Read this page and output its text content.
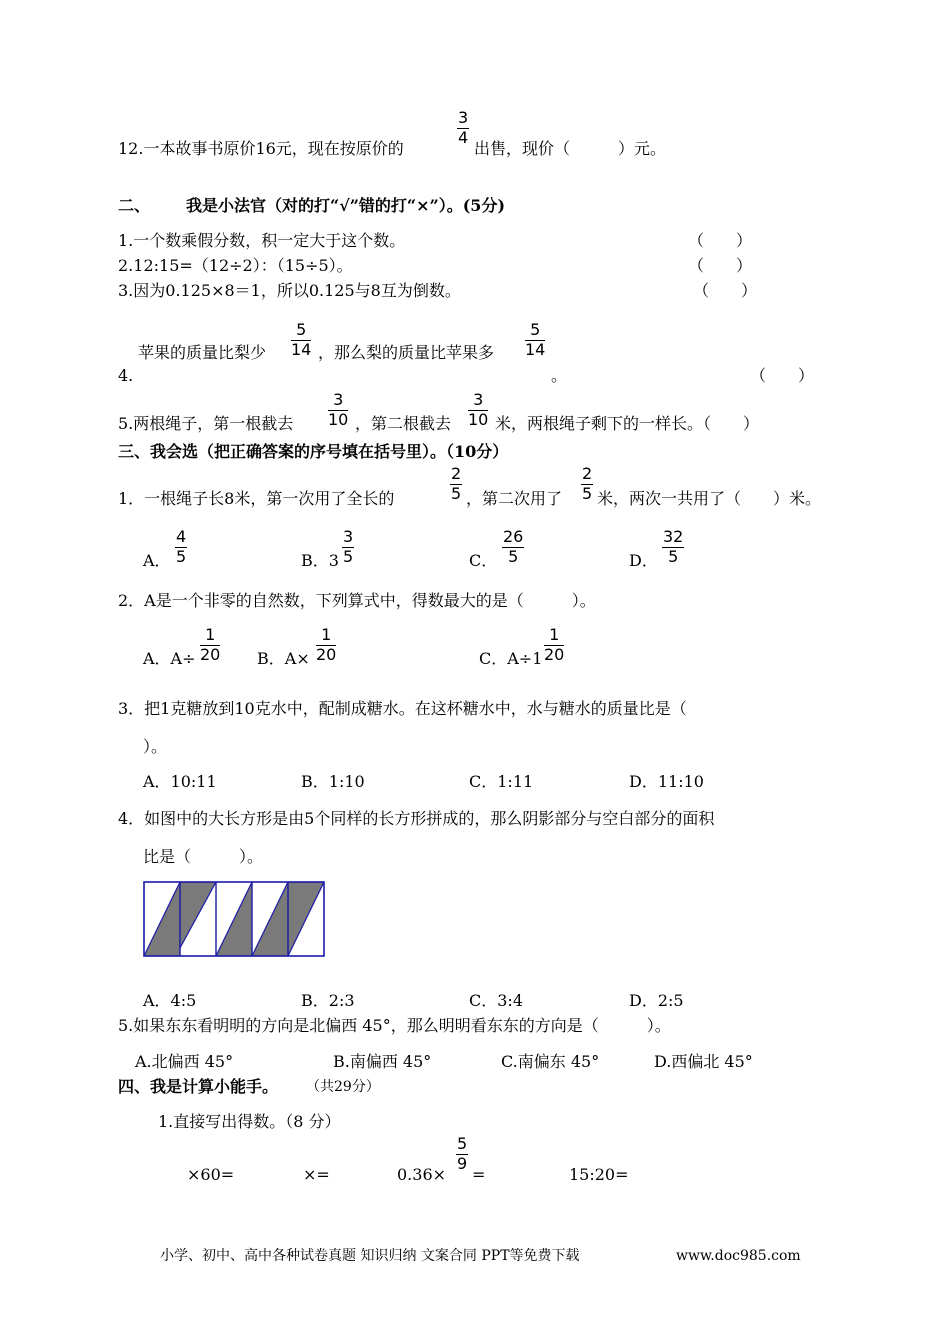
12.一本故事书原价16元，现在按原价的
$\frac{3}{4}$
出售，现价（　　　）元。
二、 我是小法官（对的打“√”错的打“×”）。(5分)
1.一个数乘假分数，积一定大于这个数。	（　　）
2.12:15=（12÷2）：（15÷5）。	（　　）
3.因为0.125×8＝1，所以0.125与8互为倒数。	（　　）
苹果的质量比梨少 $\frac{5}{14}$ ，那么梨的质量比苹果多 $\frac{5}{14}$
4.	。	（　　）
5.两根绳子，第一根截去 $\frac{3}{10}$ ，第二根截去 $\frac{3}{10}$ 米，两根绳子剩下的一样长。（　　）
三、我会选（把正确答案的序号填在括号里）。（10分）
1．一根绳子长8米，第一次用了全长的	$\frac{2}{5}$ ，第二次用了 $\frac{2}{5}$ 米，两次一共用了（　　）米。
A． $\frac{4}{5}$	B．$3 \frac{3}{5}$	C． $\frac{26}{5}$	D． $\frac{32}{5}$
2．A是一个非零的自然数，下列算式中，得数最大的是（　　　）。
A．$A\div \frac{1}{20}$ B．$A\times \frac{1}{20}$	C．$A\div 1 \frac{1}{20}$
3．把1克糖放到10克水中，配制成糖水。在这杯糖水中，水与糖水的质量比是（
）。
A．10:11	B．1:10	C．1:11	D．11:10
4．如图中的大长方形是由5个同样的长方形拼成的，那么阴影部分与空白部分的面积
比是（　　　）。
A．4:5	B．2:3	C．3:4	D．2:5
5.如果东东看明明的方向是北偏西 45°，那么明明看东东的方向是（　　　）。
A.北偏西 45°	B.南偏西 45°	C.南偏东 45°	D.西偏北 45°
四、我是计算小能手。 （共29分）
1.直接写出得数。（8 分）
×60=	×=	0.36×
$\frac{5}{9}$
=	15:20=
小学、初中、高中各种试卷真题 知识归纳 文案合同 PPT等免费下载	www.doc985.com
